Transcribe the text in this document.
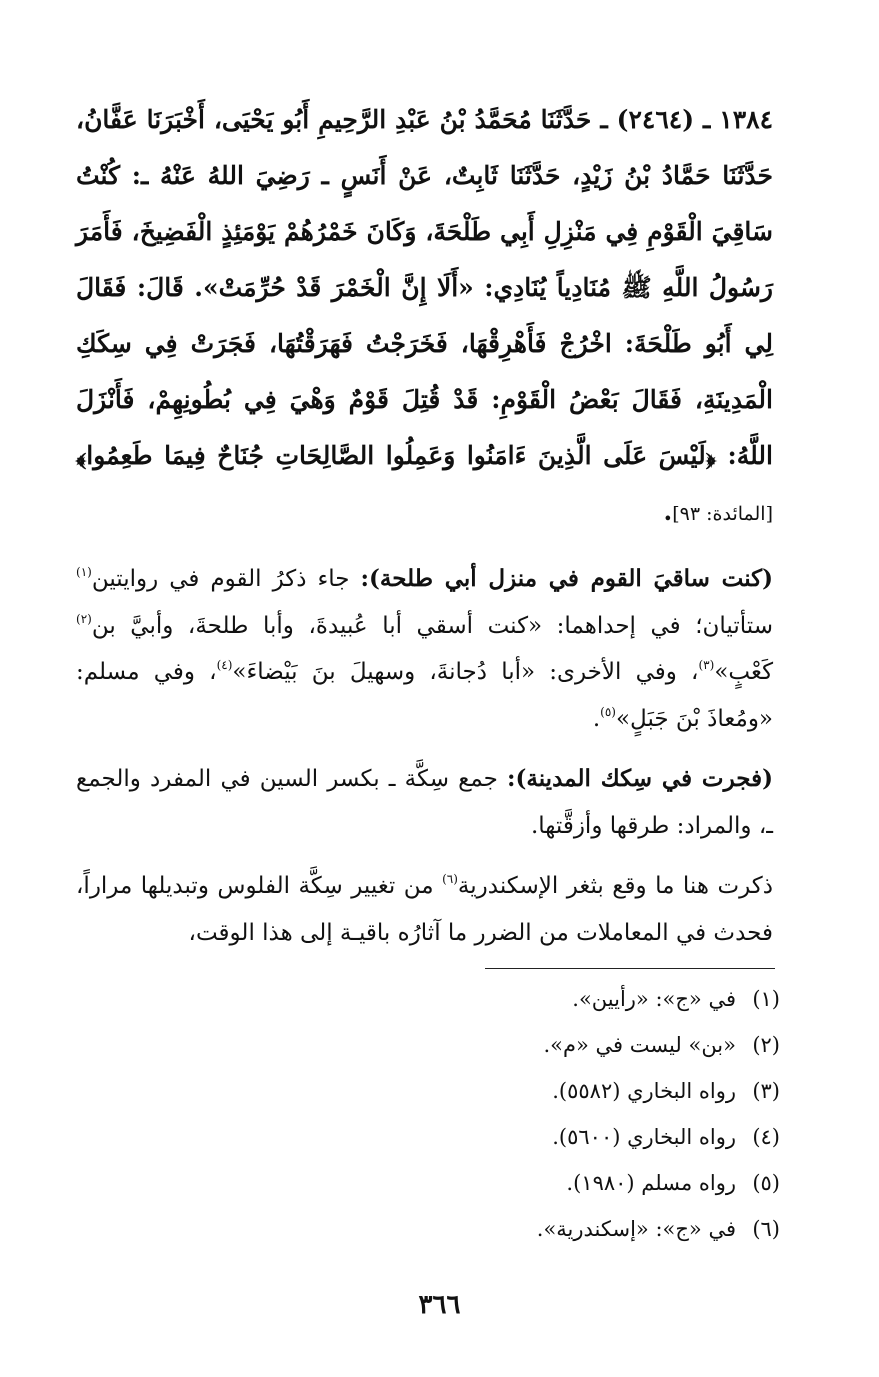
١٣٨٤ ـ (٢٤٦٤) ـ حَدَّثَنَا مُحَمَّدُ بْنُ عَبْدِ الرَّحِيمِ أَبُو يَحْيَى، أَخْبَرَنَا عَفَّانُ، حَدَّثَنَا حَمَّادُ بْنُ زَيْدٍ، حَدَّثَنَا ثَابِتٌ، عَنْ أَنَسٍ ـ رَضِيَ اللهُ عَنْهُ ـ: كُنْتُ سَاقِيَ الْقَوْمِ فِي مَنْزِلِ أَبِي طَلْحَةَ، وَكَانَ خَمْرُهُمْ يَوْمَئِذٍ الْفَضِيخَ، فَأَمَرَ رَسُولُ اللَّهِ ﷺ مُنَادِياً يُنَادِي: «أَلَا إِنَّ الْخَمْرَ قَدْ حُرِّمَتْ». قَالَ: فَقَالَ لِي أَبُو طَلْحَةَ: اخْرُجْ فَأَهْرِقْهَا، فَخَرَجْتُ فَهَرَقْتُهَا، فَجَرَتْ فِي سِكَكِ الْمَدِينَةِ، فَقَالَ بَعْضُ الْقَوْمِ: قَدْ قُتِلَ قَوْمٌ وَهْيَ فِي بُطُونِهِمْ، فَأَنْزَلَ اللَّهُ: ﴿لَيْسَ عَلَى الَّذِينَ ءَامَنُوا وَعَمِلُوا الصَّالِحَاتِ جُنَاحٌ فِيمَا طَعِمُوا﴾[المائدة: ٩٣].

(كنت ساقيَ القوم في منزل أبي طلحة): جاء ذكرُ القوم في روايتين$^{(١)}$ ستأتيان؛ في إحداهما: «كنت أسقي أبا عُبيدةَ، وأبا طلحةَ، وأبيَّ بن$^{(٢)}$ كَعْبٍ»$^{(٣)}$، وفي الأخرى: «أبا دُجانةَ، وسهيلَ بنَ بَيْضاءَ»$^{(٤)}$، وفي مسلم: «ومُعاذَ بْنَ جَبَلٍ»$^{(٥)}$.

(فجرت في سِكك المدينة): جمع سِكَّة ـ بكسر السين في المفرد والجمع ـ، والمراد: طرقها وأزقَّتها.

ذكرت هنا ما وقع بثغر الإسكندرية$^{(٦)}$ من تغيير سِكَّة الفلوس وتبديلها مراراً، فحدث في المعاملات من الضرر ما آثارُه باقيـة إلى هذا الوقت،

(١)في «ج»: «رأيين».
(٢)«بن» ليست في «م».
(٣)رواه البخاري (٥٥٨٢).
(٤)رواه البخاري (٥٦٠٠).
(٥)رواه مسلم (١٩٨٠).
(٦)في «ج»: «إسكندرية».
٣٦٦
